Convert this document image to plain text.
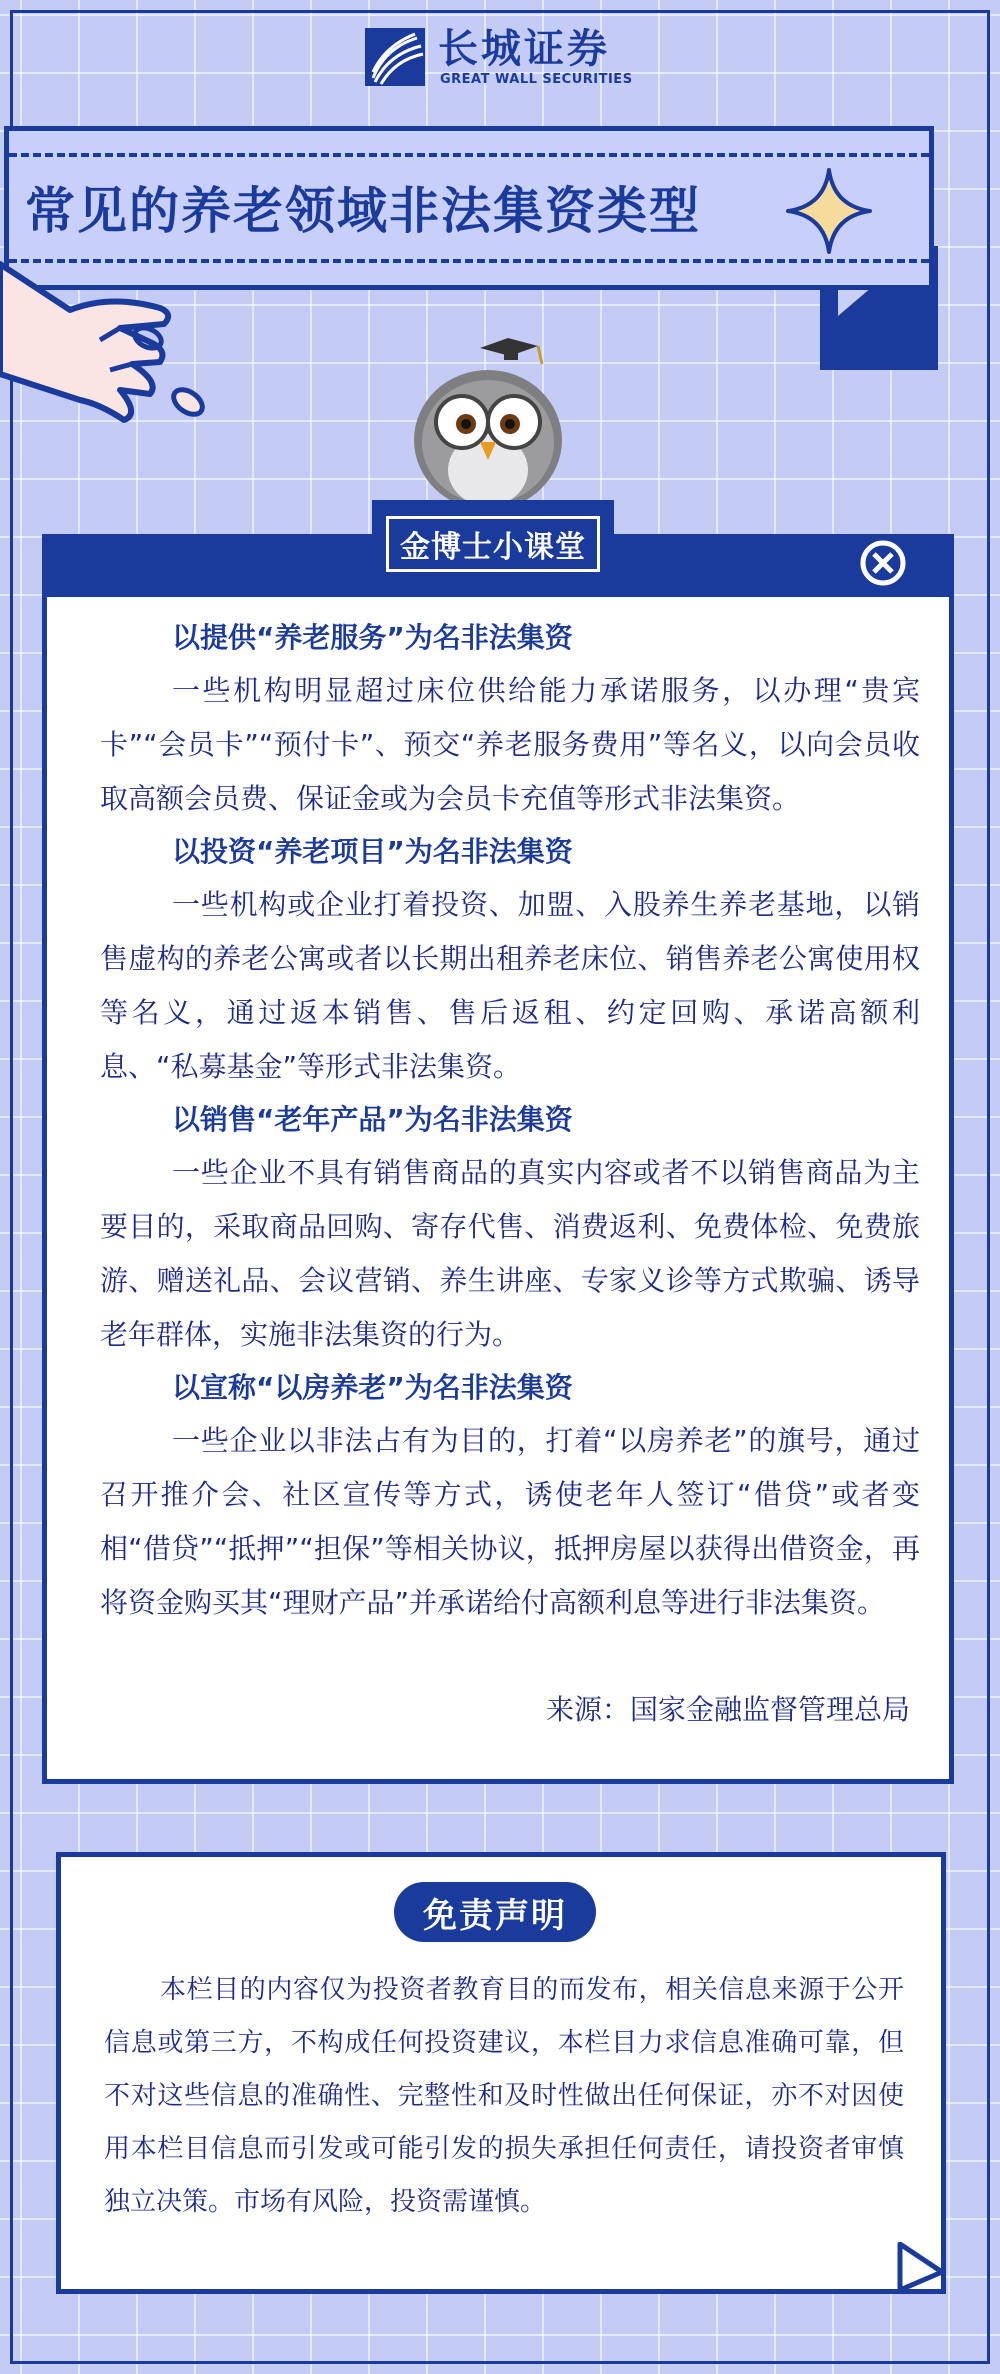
长城证券
GREAT WALL SECURITIES
常见的养老领域非法集资类型
金博士小课堂
以提供“养老服务”为名非法集资
一些机构明显超过床位供给能力承诺服务，以办理“贵宾卡”“会员卡”“预付卡”、预交“养老服务费用”等名义，以向会员收取高额会员费、保证金或为会员卡充值等形式非法集资。
以投资“养老项目”为名非法集资
一些机构或企业打着投资、加盟、入股养生养老基地，以销售虚构的养老公寓或者以长期出租养老床位、销售养老公寓使用权等名义，通过返本销售、售后返租、约定回购、承诺高额利息、“私募基金”等形式非法集资。
以销售“老年产品”为名非法集资
一些企业不具有销售商品的真实内容或者不以销售商品为主要目的，采取商品回购、寄存代售、消费返利、免费体检、免费旅游、赠送礼品、会议营销、养生讲座、专家义诊等方式欺骗、诱导老年群体，实施非法集资的行为。
以宣称“以房养老”为名非法集资
一些企业以非法占有为目的，打着“以房养老”的旗号，通过召开推介会、社区宣传等方式，诱使老年人签订“借贷”或者变相“借贷”“抵押”“担保”等相关协议，抵押房屋以获得出借资金，再将资金购买其“理财产品”并承诺给付高额利息等进行非法集资。
来源：国家金融监督管理总局
免责声明
本栏目的内容仅为投资者教育目的而发布，相关信息来源于公开信息或第三方，不构成任何投资建议，本栏目力求信息准确可靠，但不对这些信息的准确性、完整性和及时性做出任何保证，亦不对因使用本栏目信息而引发或可能引发的损失承担任何责任，请投资者审慎独立决策。市场有风险，投资需谨慎。
